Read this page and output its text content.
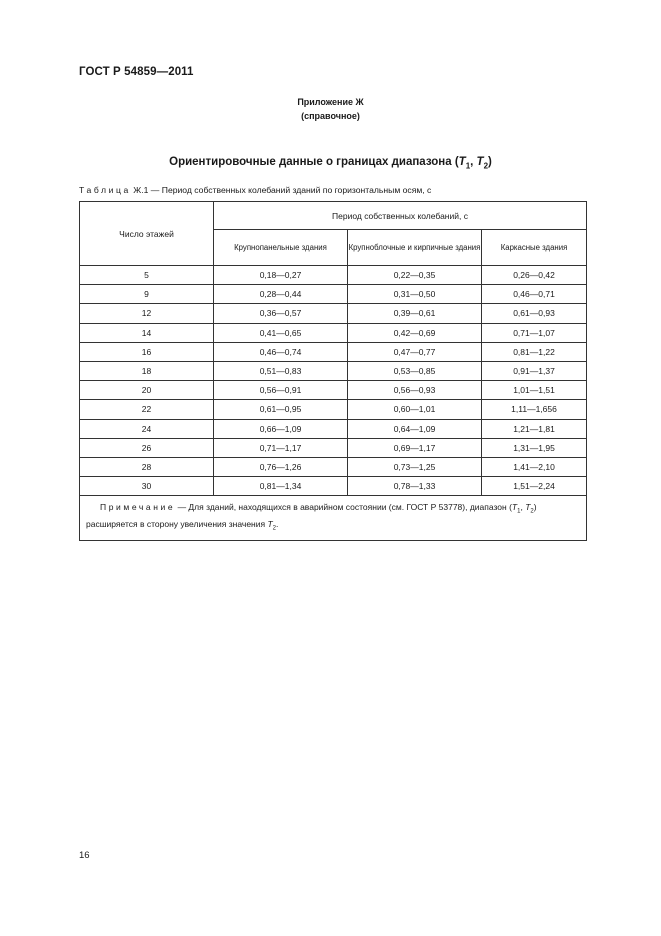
ГОСТ Р 54859—2011
Приложение Ж
(справочное)
Ориентировочные данные о границах диапазона ($T_1$, $T_2$)
Таблица Ж.1 — Период собственных колебаний зданий по горизонтальным осям, с
Число этажей	Период собственных колебаний, с		
	Крупнопанельные здания	Крупноблочные и кирпичные здания	Каркасные здания
5	0,18—0,27	0,22—0,35	0,26—0,42
9	0,28—0,44	0,31—0,50	0,46—0,71
12	0,36—0,57	0,39—0,61	0,61—0,93
14	0,41—0,65	0,42—0,69	0,71—1,07
16	0,46—0,74	0,47—0,77	0,81—1,22
18	0,51—0,83	0,53—0,85	0,91—1,37
20	0,56—0,91	0,56—0,93	1,01—1,51
22	0,61—0,95	0,60—1,01	1,11—1,656
24	0,66—1,09	0,64—1,09	1,21—1,81
26	0,71—1,17	0,69—1,17	1,31—1,95
28	0,76—1,26	0,73—1,25	1,41—2,10
30	0,81—1,34	0,78—1,33	1,51—2,24
Примечание — Для зданий, находящихся в аварийном состоянии (см. ГОСТ Р 53778), диапазон ($T_1$, $T_2$) расширяется в сторону увеличения значения $T_2$.			
16
